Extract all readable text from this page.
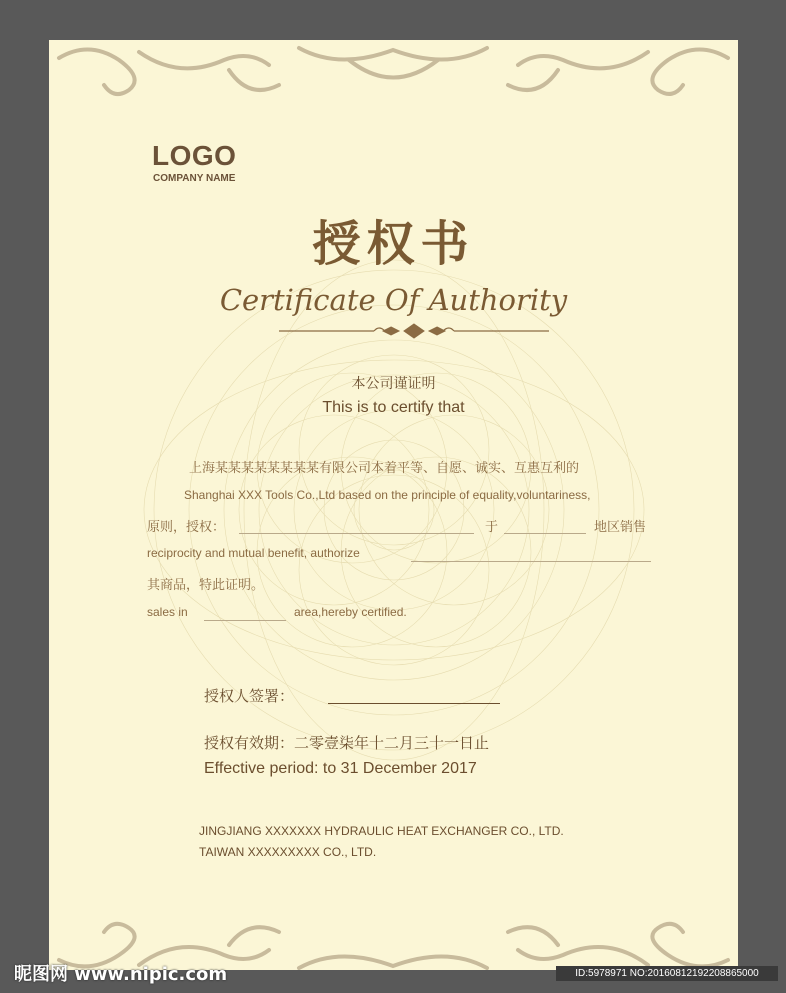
LOGO
COMPANY NAME
授权书
Certificate Of Authority
本公司谨证明
This is to certify that
上海某某某某某某某某有限公司本着平等、自愿、诚实、互惠互利的
Shanghai XXX Tools Co.,Ltd based on the principle of equality,voluntariness,
原则，授权：	于	地区销售
reciprocity and mutual benefit, authorize
其商品，特此证明。
sales in	area,hereby certified.
授权人签署：
授权有效期：二零壹柒年十二月三十一日止
Effective period: to 31 December 2017
JINGJIANG XXXXXXX HYDRAULIC HEAT EXCHANGER CO., LTD.
TAIWAN XXXXXXXXX CO., LTD.
昵图网 www.nipic.com	ID:5978971 NO:20160812192208865000
